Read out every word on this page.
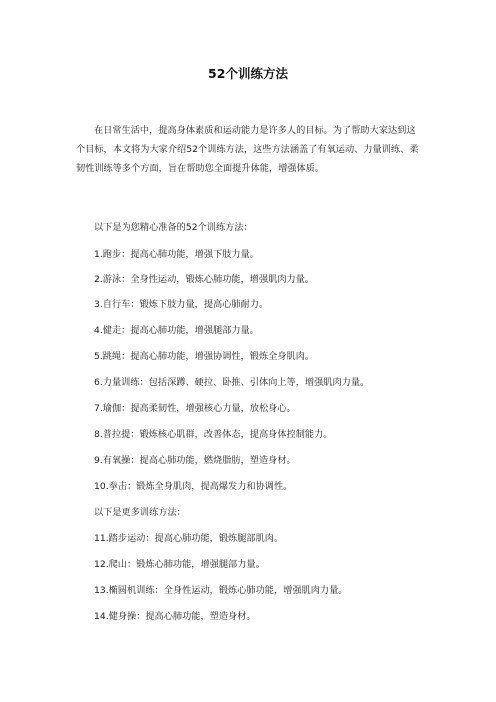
52个训练方法

在日常生活中，提高身体素质和运动能力是许多人的目标。为了帮助大家达到这个目标，本文将为大家介绍52个训练方法，这些方法涵盖了有氧运动、力量训练、柔韧性训练等多个方面，旨在帮助您全面提升体能，增强体质。

以下是为您精心准备的52个训练方法：
1.跑步：提高心肺功能，增强下肢力量。
2.游泳：全身性运动，锻炼心肺功能，增强肌肉力量。
3.自行车：锻炼下肢力量，提高心肺耐力。
4.健走：提高心肺功能，增强腿部力量。
5.跳绳：提高心肺功能，增强协调性，锻炼全身肌肉。
6.力量训练：包括深蹲、硬拉、卧推、引体向上等，增强肌肉力量。
7.瑜伽：提高柔韧性，增强核心力量，放松身心。
8.普拉提：锻炼核心肌群，改善体态，提高身体控制能力。
9.有氧操：提高心肺功能，燃烧脂肪，塑造身材。
10.拳击：锻炼全身肌肉，提高爆发力和协调性。
以下是更多训练方法：
11.踏步运动：提高心肺功能，锻炼腿部肌肉。
12.爬山：锻炼心肺功能，增强腿部力量。
13.椭圆机训练：全身性运动，锻炼心肺功能，增强肌肉力量。
14.健身操：提高心肺功能，塑造身材。
